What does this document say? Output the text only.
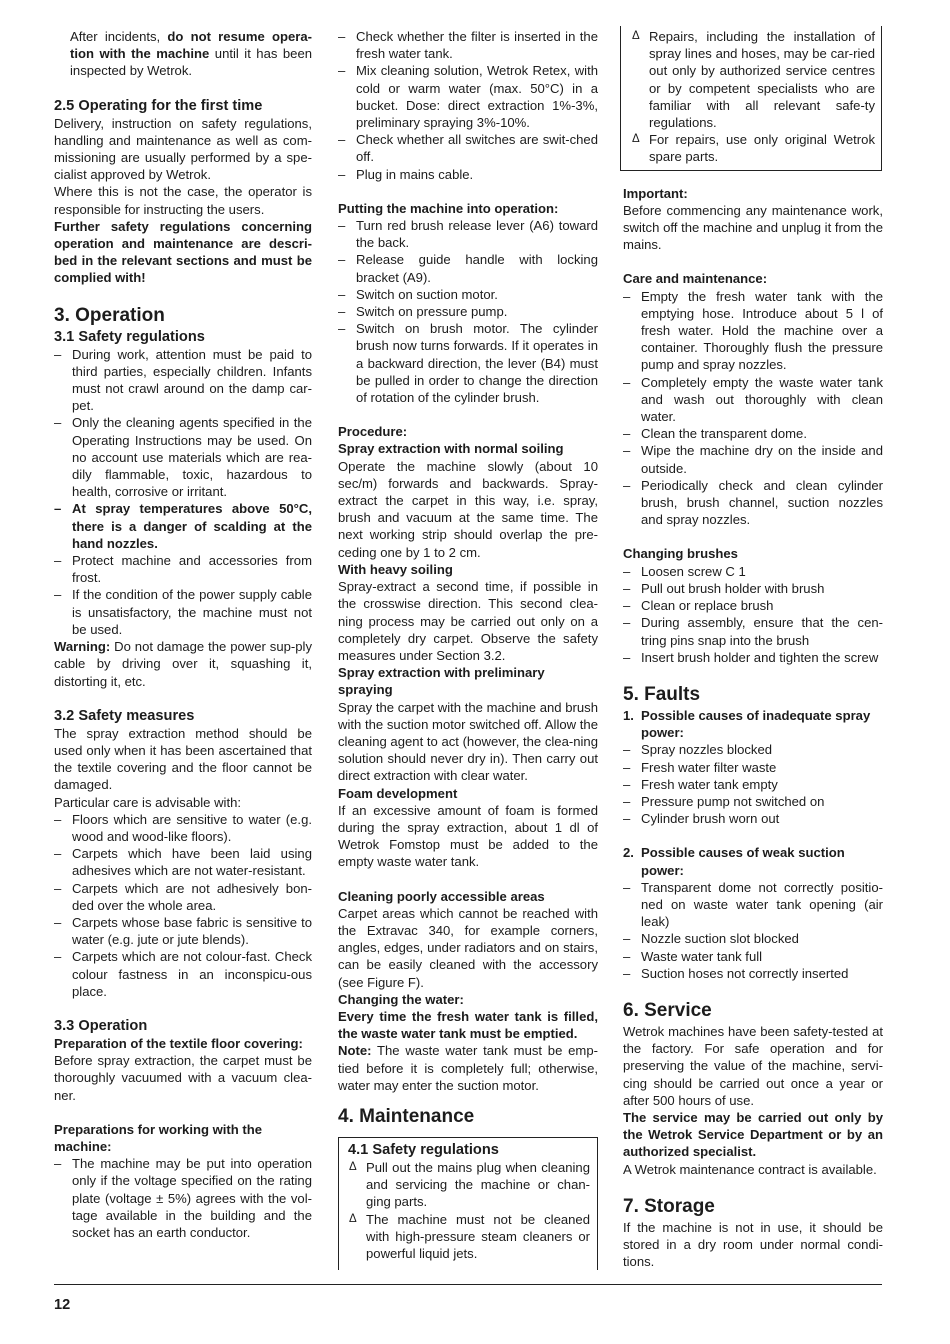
12

After incidents, do not resume opera-tion with the machine until it has been inspected by Wetrok.

2.5 Operating for the first time

Delivery, instruction on safety regulations, handling and maintenance as well as com-missioning are usually performed by a spe-cialist approved by Wetrok.

Where this is not the case, the operator is responsible for instructing the users.

Further safety regulations concerning operation and maintenance are descri-bed in the relevant sections and must be complied with!

3. Operation
3.1 Safety regulations
– During work, attention must be paid to third parties, especially children. Infants must not crawl around on the damp car-pet.
– Only the cleaning agents specified in the Operating Instructions may be used. On no account use materials which are rea-dily flammable, toxic, hazardous to health, corrosive or irritant.
– At spray temperatures above 50°C, there is a danger of scalding at the hand nozzles.
– Protect machine and accessories from frost.
– If the condition of the power supply cable is unsatisfactory, the machine must not be used.

Warning: Do not damage the power sup-ply cable by driving over it, squashing it, distorting it, etc.

3.2 Safety measures

The spray extraction method should be used only when it has been ascertained that the textile covering and the floor cannot be damaged.

Particular care is advisable with:

– Floors which are sensitive to water (e.g. wood and wood-like floors).
– Carpets which have been laid using adhesives which are not water-resistant.
– Carpets which are not adhesively bon-ded over the whole area.
– Carpets whose base fabric is sensitive to water (e.g. jute or jute blends).
– Carpets which are not colour-fast. Check colour fastness in an inconspicu-ous place.
3.3 Operation
Preparation of the textile floor covering:

Before spray extraction, the carpet must be thoroughly vacuumed with a vacuum clea-ner.

Preparations for working with the machine:
– The machine may be put into operation only if the voltage specified on the rating plate (voltage ± 5%) agrees with the vol-tage available in the building and the socket has an earth conductor.
– Check whether the filter is inserted in the fresh water tank.
– Mix cleaning solution, Wetrok Retex, with cold or warm water (max. 50°C) in a bucket. Dose: direct extraction 1%-3%, preliminary spraying 3%-10%.
– Check whether all switches are swit-ched off.
– Plug in mains cable.
Putting the machine into operation:
– Turn red brush release lever (A6) toward the back.
– Release guide handle with locking bracket (A9).
– Switch on suction motor.
– Switch on pressure pump.
– Switch on brush motor. The cylinder brush now turns forwards. If it operates in a backward direction, the lever (B4) must be pulled in order to change the direction of rotation of the cylinder brush.
Procedure:
Spray extraction with normal soiling

Operate the machine slowly (about 10 sec/m) forwards and backwards. Spray-extract the carpet in this way, i.e. spray, brush and vacuum at the same time. The next working strip should overlap the pre-ceding one by 1 to 2 cm.

With heavy soiling

Spray-extract a second time, if possible in the crosswise direction. This second clea-ning process may be carried out only on a completely dry carpet. Observe the safety measures under Section 3.2.

Spray extraction with preliminary spraying

Spray the carpet with the machine and brush with the suction motor switched off. Allow the cleaning agent to act (however, the clea-ning solution should never dry in). Then carry out direct extraction with clear water.

Foam development

If an excessive amount of foam is formed during the spray extraction, about 1 dl of Wetrok Fomstop must be added to the empty waste water tank.

Cleaning poorly accessible areas

Carpet areas which cannot be reached with the Extravac 340, for example corners, angles, edges, under radiators and on stairs, can be easily cleaned with the accessory (see Figure F).

Changing the water:

Every time the fresh water tank is filled, the waste water tank must be emptied.

Note: The waste water tank must be emp-tied before it is completely full; otherwise, water may enter the suction motor.

4. Maintenance
4.1 Safety regulations
Δ Pull out the mains plug when cleaning and servicing the machine or chan-ging parts.
Δ The machine must not be cleaned with high-pressure steam cleaners or powerful liquid jets.
Δ Repairs, including the installation of spray lines and hoses, may be car-ried out only by authorized service centres or by competent specialists who are familiar with all relevant safe-ty regulations.
Δ For repairs, use only original Wetrok spare parts.
Important:

Before commencing any maintenance work, switch off the machine and unplug it from the mains.

Care and maintenance:
– Empty the fresh water tank with the emptying hose. Introduce about 5 l of fresh water. Hold the machine over a container. Thoroughly flush the pressure pump and spray nozzles.
– Completely empty the waste water tank and wash out thoroughly with clean water.
– Clean the transparent dome.
– Wipe the machine dry on the inside and outside.
– Periodically check and clean cylinder brush, brush channel, suction nozzles and spray nozzles.
Changing brushes
– Loosen screw C 1
– Pull out brush holder with brush
– Clean or replace brush
– During assembly, ensure that the cen-tring pins snap into the brush
– Insert brush holder and tighten the screw
5. Faults
1. Possible causes of inadequate spray power:
– Spray nozzles blocked
– Fresh water filter waste
– Fresh water tank empty
– Pressure pump not switched on
– Cylinder brush worn out
2. Possible causes of weak suction power:
– Transparent dome not correctly positio-ned on waste water tank opening (air leak)
– Nozzle suction slot blocked
– Waste water tank full
– Suction hoses not correctly inserted
6. Service

Wetrok machines have been safety-tested at the factory. For safe operation and for preserving the value of the machine, servi-cing should be carried out once a year or after 500 hours of use.

The service may be carried out only by the Wetrok Service Department or by an authorized specialist.

A Wetrok maintenance contract is available.

7. Storage

If the machine is not in use, it should be stored in a dry room under normal condi-tions.
